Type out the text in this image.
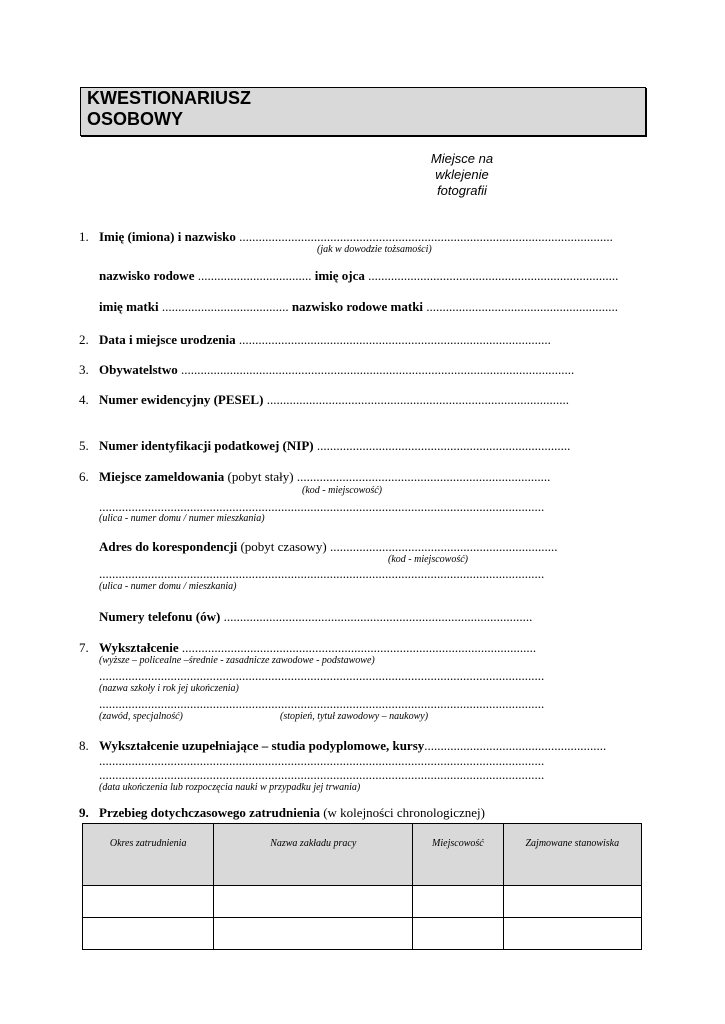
KWESTIONARIUSZ
OSOBOWY
Miejsce na
wklejenie
fotografii
1. Imię (imiona) i nazwisko ...................................................................................................................
(jak w dowodzie tożsamości)
nazwisko rodowe ................................... imię ojca .............................................................................
imię matki ....................................... nazwisko rodowe matki ...........................................................
2. Data i miejsce urodzenia ................................................................................................
3. Obywatelstwo .........................................................................................................................
4. Numer ewidencyjny (PESEL) .............................................................................................
5. Numer identyfikacji podatkowej (NIP) ..............................................................................
6. Miejsce zameldowania (pobyt stały) ..............................................................................
(kod - miejscowość)
.........................................................................................................................................
(ulica - numer domu / numer mieszkania)
Adres do korespondencji (pobyt czasowy) ......................................................................
(kod - miejscowość)
.........................................................................................................................................
(ulica - numer domu / mieszkania)
Numery telefonu (ów) ...............................................................................................
7. Wykształcenie .............................................................................................................
(wyższe – policealne –średnie - zasadnicze zawodowe - podstawowe)
.........................................................................................................................................
(nazwa szkoły i rok jej ukończenia)
.........................................................................................................................................
(zawód, specjalność)	(stopień, tytuł zawodowy – naukowy)
8. Wykształcenie uzupełniające – studia podyplomowe, kursy........................................................
.........................................................................................................................................
.........................................................................................................................................
(data ukończenia lub rozpoczęcia nauki w przypadku jej trwania)
9. Przebieg dotychczasowego zatrudnienia (w kolejności chronologicznej)
Okres zatrudnienia	Nazwa zakładu pracy	Miejscowość	Zajmowane stanowiska
